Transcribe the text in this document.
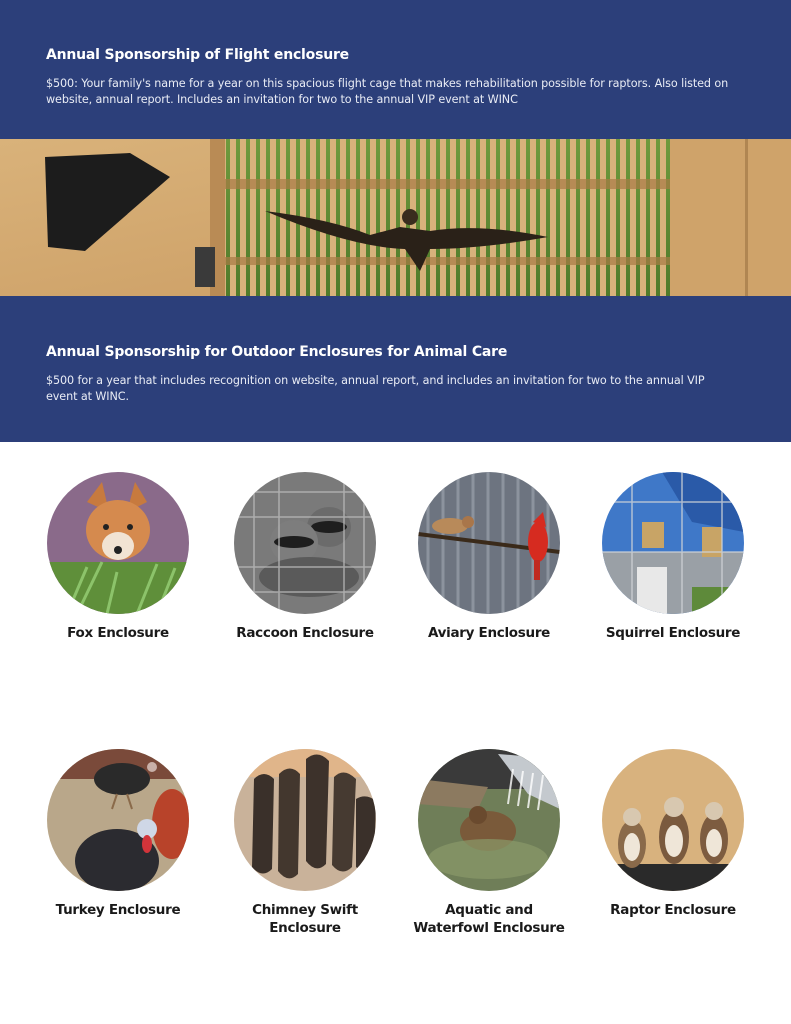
Annual Sponsorship of Flight enclosure

$500: Your family's name for a year on this spacious flight cage that makes rehabilitation possible for raptors. Also listed on website, annual report. Includes an invitation for two to the annual VIP event at WINC

Annual Sponsorship for Outdoor Enclosures for Animal Care

$500 for a year that includes recognition on website, annual report, and includes an invitation for two to the annual VIP event at WINC.

Fox Enclosure	Raccoon Enclosure	Aviary Enclosure	Squirrel Enclosure
Turkey Enclosure	Chimney Swift Enclosure
Aquatic and Waterfowl Enclosure
Raptor Enclosure
